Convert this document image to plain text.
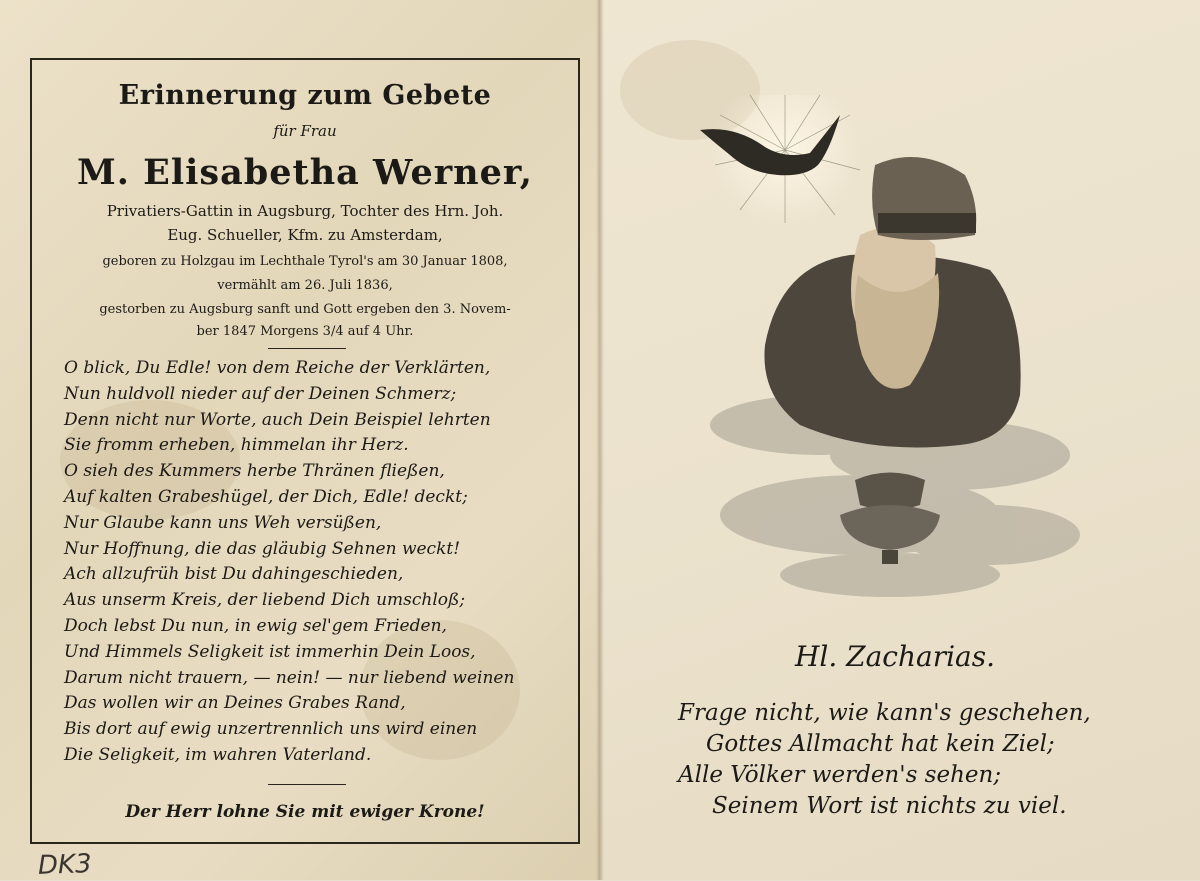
Erinnerung zum Gebete
für Frau
M. Elisabetha Werner,
Privatiers-Gattin in Augsburg, Tochter des Hrn. Joh.
Eug. Schueller, Kfm. zu Amsterdam,
geboren zu Holzgau im Lechthale Tyrol's am 30 Januar 1808,
vermählt am 26. Juli 1836,
gestorben zu Augsburg sanft und Gott ergeben den 3. Novem-
ber 1847 Morgens 3/4 auf 4 Uhr.
O blick, Du Edle! von dem Reiche der Verklärten,
Nun huldvoll nieder auf der Deinen Schmerz;
Denn nicht nur Worte, auch Dein Beispiel lehrten
Sie fromm erheben, himmelan ihr Herz.
O sieh des Kummers herbe Thränen fließen,
Auf kalten Grabeshügel, der Dich, Edle! deckt;
Nur Glaube kann uns Weh versüßen,
Nur Hoffnung, die das gläubig Sehnen weckt!
Ach allzufrüh bist Du dahingeschieden,
Aus unserm Kreis, der liebend Dich umschloß;
Doch lebst Du nun, in ewig sel'gem Frieden,
Und Himmels Seligkeit ist immerhin Dein Loos,
Darum nicht trauern, — nein! — nur liebend weinen
Das wollen wir an Deines Grabes Rand,
Bis dort auf ewig unzertrennlich uns wird einen
Die Seligkeit, im wahren Vaterland.
Der Herr lohne Sie mit ewiger Krone!
DK3
Hl. Zacharias.
Frage nicht, wie kann's geschehen,
Gottes Allmacht hat kein Ziel;
Alle Völker werden's sehen;
Seinem Wort ist nichts zu viel.
